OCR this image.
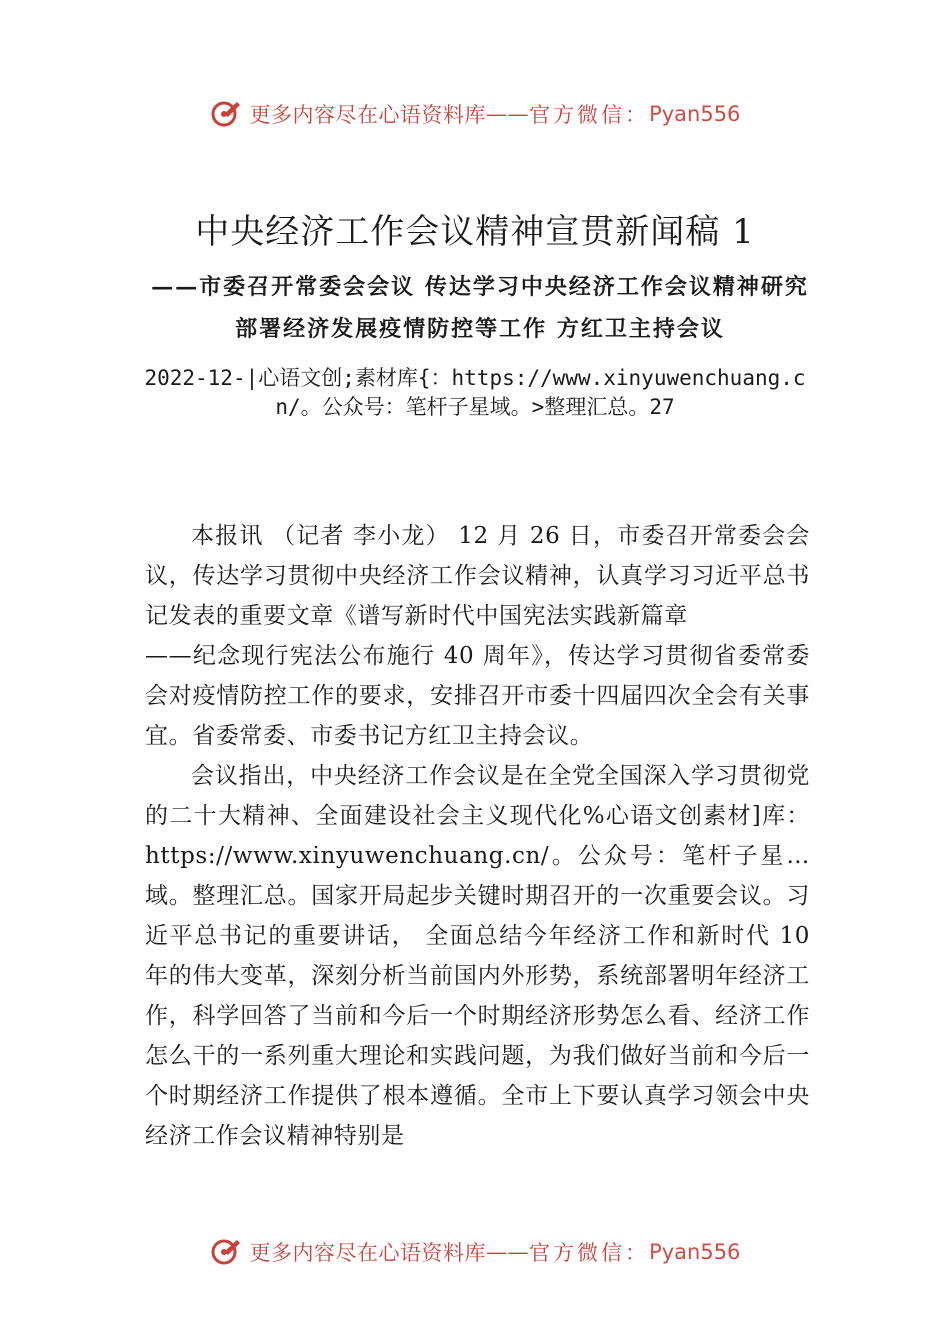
更多内容尽在心语资料库 —— 官方微信： Pyan556
中央经济工作会议精神宣贯新闻稿 1
——市委召开常委会会议 传达学习中央经济工作会议精神研究部署经济发展疫情防控等工作 方红卫主持会议

2022-12-|心语文创;素材库{：https://www.xinyuwenchuang.cn/。公众号：笔杆子星域。>整理汇总。27

本报讯 （记者 李小龙） 12 月 26 日，市委召开常委会会议，传达学习贯彻中央经济工作会议精神，认真学习习近平总书记发表的重要文章《谱写新时代中国宪法实践新篇章

——纪念现行宪法公布施行 40 周年》，传达学习贯彻省委常委会对疫情防控工作的要求，安排召开市委十四届四次全会有关事宜。省委常委、市委书记方红卫主持会议。

会议指出，中央经济工作会议是在全党全国深入学习贯彻党的二十大精神、全面建设社会主义现代化%心语文创素材]库：https://www.xinyuwenchuang.cn/。公众号：笔杆子星…域。整理汇总。国家开局起步关键时期召开的一次重要会议。习近平总书记的重要讲话， 全面总结今年经济工作和新时代 10 年的伟大变革，深刻分析当前国内外形势，系统部署明年经济工作，科学回答了当前和今后一个时期经济形势怎么看、经济工作怎么干的一系列重大理论和实践问题，为我们做好当前和今后一个时期经济工作提供了根本遵循。全市上下要认真学习领会中央经济工作会议精神特别是

更多内容尽在心语资料库 —— 官方微信： Pyan556
